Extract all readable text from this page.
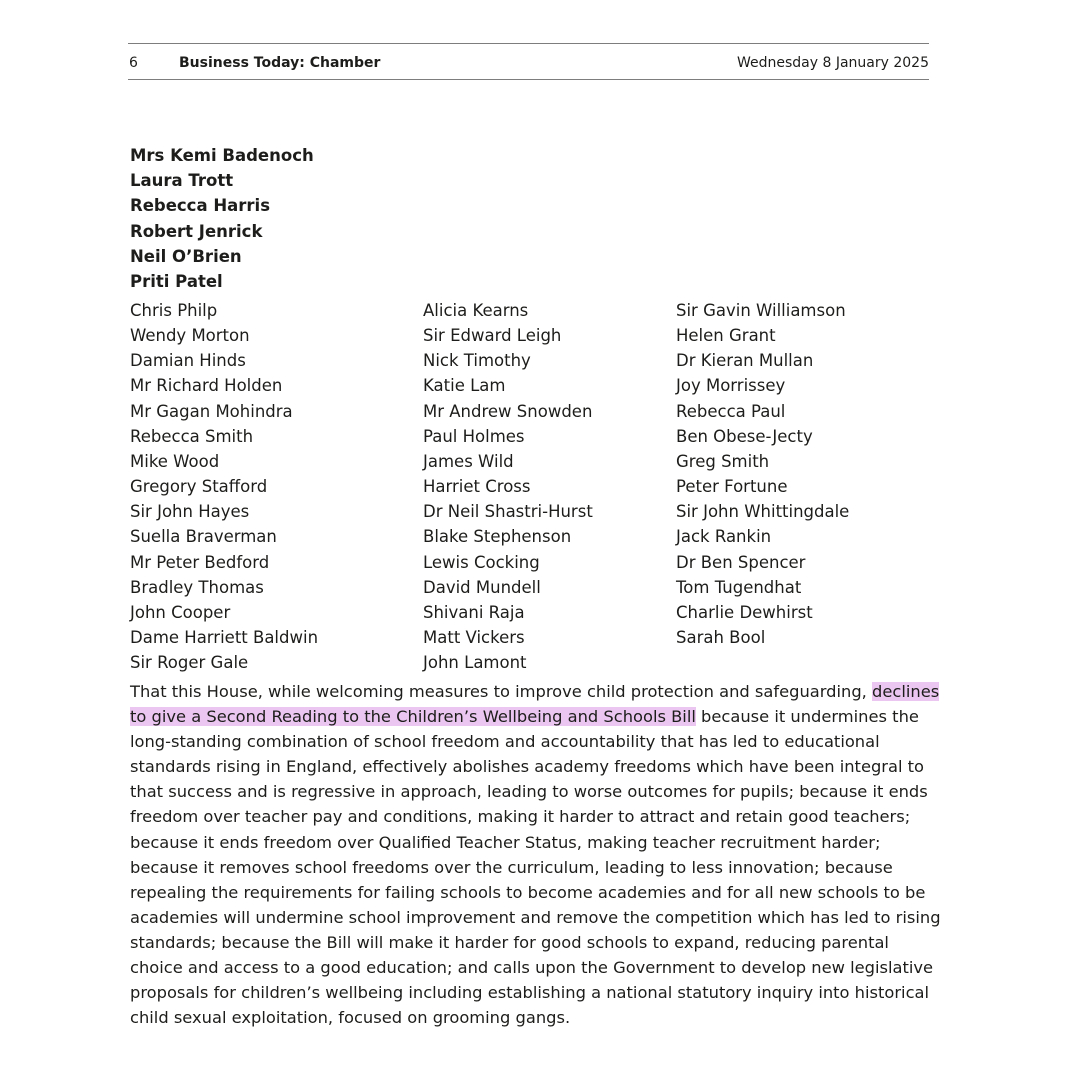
6	Business Today: Chamber	Wednesday 8 January 2025
Mrs Kemi Badenoch
Laura Trott
Rebecca Harris
Robert Jenrick
Neil O’Brien
Priti Patel
Chris Philp
Wendy Morton
Damian Hinds
Mr Richard Holden
Mr Gagan Mohindra
Rebecca Smith
Mike Wood
Gregory Stafford
Sir John Hayes
Suella Braverman
Mr Peter Bedford
Bradley Thomas
John Cooper
Dame Harriett Baldwin
Sir Roger Gale
Alicia Kearns
Sir Edward Leigh
Nick Timothy
Katie Lam
Mr Andrew Snowden
Paul Holmes
James Wild
Harriet Cross
Dr Neil Shastri-Hurst
Blake Stephenson
Lewis Cocking
David Mundell
Shivani Raja
Matt Vickers
John Lamont
Sir Gavin Williamson
Helen Grant
Dr Kieran Mullan
Joy Morrissey
Rebecca Paul
Ben Obese-Jecty
Greg Smith
Peter Fortune
Sir John Whittingdale
Jack Rankin
Dr Ben Spencer
Tom Tugendhat
Charlie Dewhirst
Sarah Bool

That this House, while welcoming measures to improve child protection and safeguarding, declines to give a Second Reading to the Children’s Wellbeing and Schools Bill because it undermines the long-standing combination of school freedom and accountability that has led to educational standards rising in England, effectively abolishes academy freedoms which have been integral to that success and is regressive in approach, leading to worse outcomes for pupils; because it ends freedom over teacher pay and conditions, making it harder to attract and retain good teachers; because it ends freedom over Qualified Teacher Status, making teacher recruitment harder; because it removes school freedoms over the curriculum, leading to less innovation; because repealing the requirements for failing schools to become academies and for all new schools to be academies will undermine school improvement and remove the competition which has led to rising standards; because the Bill will make it harder for good schools to expand, reducing parental choice and access to a good education; and calls upon the Government to develop new legislative proposals for children’s wellbeing including establishing a national statutory inquiry into historical child sexual exploitation, focused on grooming gangs.
